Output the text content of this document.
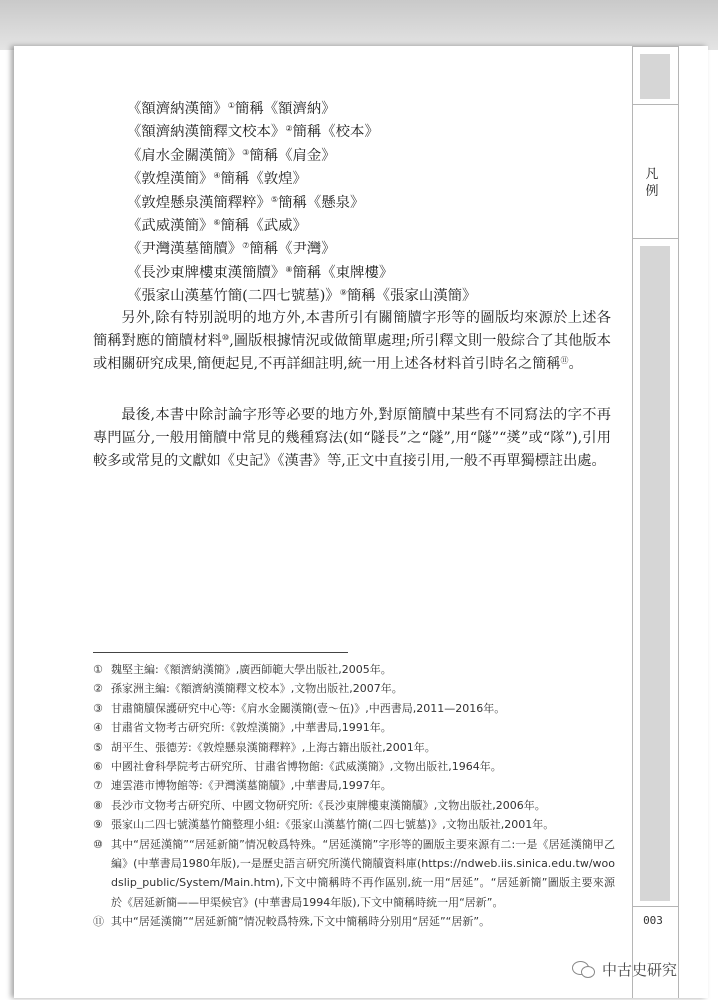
凡例
003
《額濟納漢簡》①簡稱《額濟納》
《額濟納漢簡釋文校本》②簡稱《校本》
《肩水金關漢簡》③簡稱《肩金》
《敦煌漢簡》④簡稱《敦煌》
《敦煌懸泉漢簡釋粹》⑤簡稱《懸泉》
《武威漢簡》⑥簡稱《武威》
《尹灣漢墓簡牘》⑦簡稱《尹灣》
《長沙東牌樓東漢簡牘》⑧簡稱《東牌樓》
《張家山漢墓竹簡(二四七號墓)》⑨簡稱《張家山漢簡》

另外,除有特别説明的地方外,本書所引有關簡牘字形等的圖版均來源於上述各簡稱對應的簡牘材料⑩,圖版根據情況或做簡單處理;所引釋文則一般綜合了其他版本或相關研究成果,簡便起見,不再詳細註明,統一用上述各材料首引時名之簡稱⑪。

最後,本書中除討論字形等必要的地方外,對原簡牘中某些有不同寫法的字不再專門區分,一般用簡牘中常見的幾種寫法(如“隧長”之“隧”,用“隧”“㸂”或“隊”),引用較多或常見的文獻如《史記》《漢書》等,正文中直接引用,一般不再單獨標註出處。

① 魏堅主編:《額濟納漢簡》,廣西師範大學出版社,2005年。
② 孫家洲主編:《額濟納漢簡釋文校本》,文物出版社,2007年。
③ 甘肅簡牘保護研究中心等:《肩水金關漢簡(壹～伍)》,中西書局,2011—2016年。
④ 甘肅省文物考古研究所:《敦煌漢簡》,中華書局,1991年。
⑤ 胡平生、張德芳:《敦煌懸泉漢簡釋粹》,上海古籍出版社,2001年。
⑥ 中國社會科學院考古研究所、甘肅省博物館:《武威漢簡》,文物出版社,1964年。
⑦ 連雲港市博物館等:《尹灣漢墓簡牘》,中華書局,1997年。
⑧ 長沙市文物考古研究所、中國文物研究所:《長沙東牌樓東漢簡牘》,文物出版社,2006年。
⑨ 張家山二四七號漢墓竹簡整理小組:《張家山漢墓竹簡(二四七號墓)》,文物出版社,2001年。
⑩ 其中“居延漢簡”“居延新簡”情况較爲特殊。“居延漢簡”字形等的圖版主要來源有二:一是《居延漢簡甲乙編》(中華書局1980年版),一是歷史語言研究所漢代簡牘資料庫(https://ndweb.iis.sinica.edu.tw/woodslip_public/System/Main.htm),下文中簡稱時不再作區别,統一用“居延”。“居延新簡”圖版主要來源於《居延新簡——甲渠候官》(中華書局1994年版),下文中簡稱時統一用“居新”。
⑪ 其中“居延漢簡”“居延新簡”情况較爲特殊,下文中簡稱時分别用“居延”“居新”。
中古史研究
